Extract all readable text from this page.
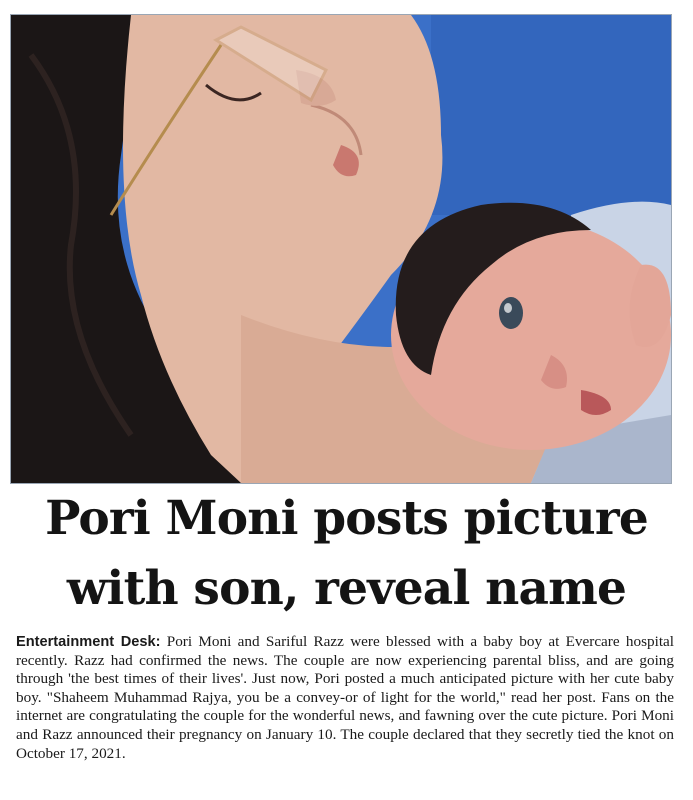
Pori Moni posts picture
with son, reveal name
Entertainment Desk: Pori Moni and Sariful Razz were blessed with a baby boy at Evercare hospital recently. Razz had confirmed the news. The couple are now experiencing parental bliss, and are going through 'the best times of their lives'. Just now, Pori posted a much anticipated picture with her cute baby boy. "Shaheem Muhammad Rajya, you be a convey-or of light for the world," read her post. Fans on the internet are congratulating the couple for the wonderful news, and fawning over the cute picture. Pori Moni and Razz announced their pregnancy on January 10. The couple declared that they secretly tied the knot on October 17, 2021.
